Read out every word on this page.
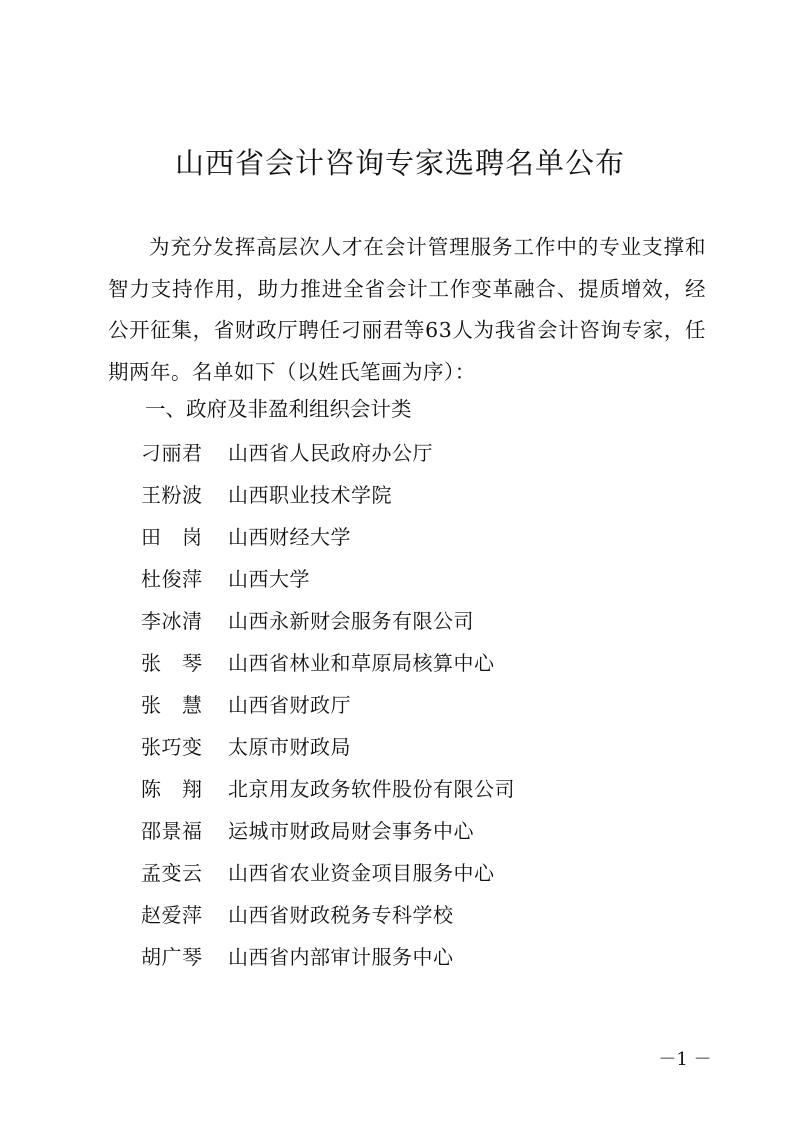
山西省会计咨询专家选聘名单公布
为充分发挥高层次人才在会计管理服务工作中的专业支撑和智力支持作用，助力推进全省会计工作变革融合、提质增效，经公开征集，省财政厅聘任刁丽君等63人为我省会计咨询专家，任期两年。名单如下（以姓氏笔画为序）：
一、政府及非盈利组织会计类
刁丽君 山西省人民政府办公厅
王粉波 山西职业技术学院
田　岗 山西财经大学
杜俊萍 山西大学
李冰清 山西永新财会服务有限公司
张　琴 山西省林业和草原局核算中心
张　慧 山西省财政厅
张巧变 太原市财政局
陈　翔 北京用友政务软件股份有限公司
邵景福 运城市财政局财会事务中心
孟变云 山西省农业资金项目服务中心
赵爱萍 山西省财政税务专科学校
胡广琴 山西省内部审计服务中心
－1 －
